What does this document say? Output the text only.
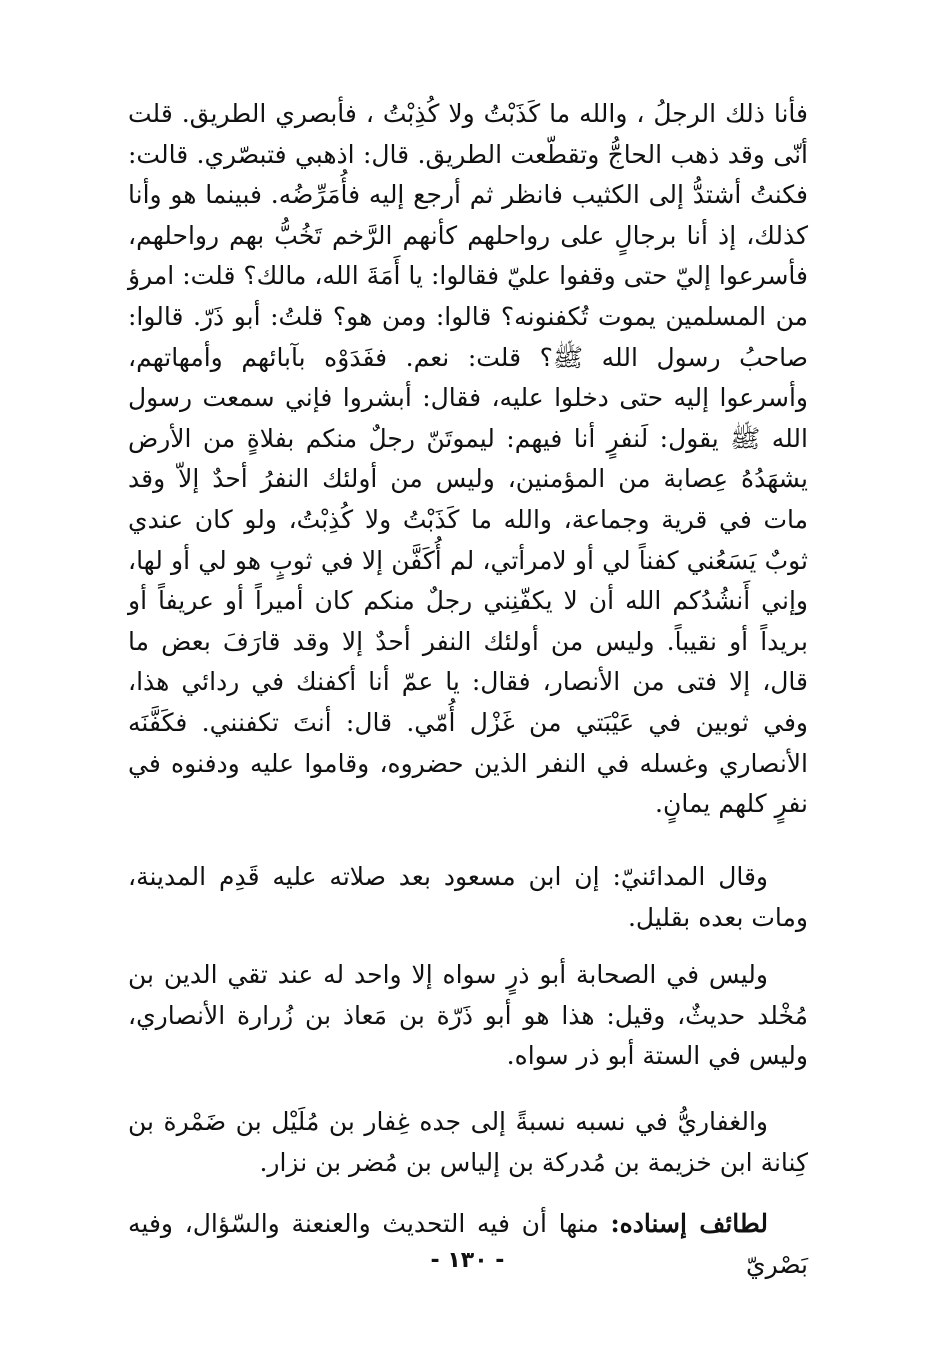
فأنا ذلك الرجلُ ، والله ما كَذَبْتُ ولا كُذِبْتُ ، فأبصري الطريق. قلت أنّى وقد ذهب الحاجُّ وتقطّعت الطريق. قال: اذهبي فتبصّري. قالت: فكنتُ أشتدُّ إلى الكثيب فانظر ثم أرجع إليه فأُمَرِّضُه. فبينما هو وأنا كذلك، إذ أنا برجالٍ على رواحلهم كأنهم الرَّخم تَخُبُّ بهم رواحلهم، فأسرعوا إليّ حتى وقفوا عليّ فقالوا: يا أَمَةَ الله، مالك؟ قلت: امرؤ من المسلمين يموت تُكفنونه؟ قالوا: ومن هو؟ قلتُ: أبو ذَرّ. قالوا: صاحبُ رسول الله ﷺ؟ قلت: نعم. ففَدَوْه بآبائهم وأمهاتهم، وأسرعوا إليه حتى دخلوا عليه، فقال: أبشروا فإني سمعت رسول الله ﷺ يقول: لَنفرٍ أنا فيهم: ليموتَنّ رجلٌ منكم بفلاةٍ من الأرض يشهَدُهُ عِصابة من المؤمنين، وليس من أولئك النفرُ أحدٌ إلاّ وقد مات في قرية وجماعة، والله ما كَذَبْتُ ولا كُذِبْتُ، ولو كان عندي ثوبٌ يَسَعُني كفناً لي أو لامرأتي، لم أُكَفَّن إلا في ثوبٍ هو لي أو لها، وإني أَنشُدُكم الله أن لا يكفّنِني رجلٌ منكم كان أميراً أو عريفاً أو بريداً أو نقيباً. وليس من أولئك النفر أحدٌ إلا وقد قارَفَ بعض ما قال، إلا فتى من الأنصار، فقال: يا عمّ أنا أكفنك في ردائي هذا، وفي ثوبين في عَيْبَتي من غَزْل أُمّي. قال: أنتَ تكفنني. فكَفَّنَه الأنصاري وغسله في النفر الذين حضروه، وقاموا عليه ودفنوه في نفرٍ كلهم يمانٍ.

وقال المدائنيّ: إن ابن مسعود بعد صلاته عليه قَدِم المدينة، ومات بعده بقليل.

وليس في الصحابة أبو ذرٍ سواه إلا واحد له عند تقي الدين بن مُخْلد حديثٌ، وقيل: هذا هو أبو ذَرّة بن مَعاذ بن زُرارة الأنصاري، وليس في الستة أبو ذر سواه.

والغفاريُّ في نسبه نسبةً إلى جده غِفار بن مُلَيْل بن ضَمْرة بن كِنانة ابن خزيمة بن مُدركة بن إلياس بن مُضر بن نزار.

لطائف إسناده: منها أن فيه التحديث والعنعنة والسّؤال، وفيه بَصْريّ

- ١٣٠ -
